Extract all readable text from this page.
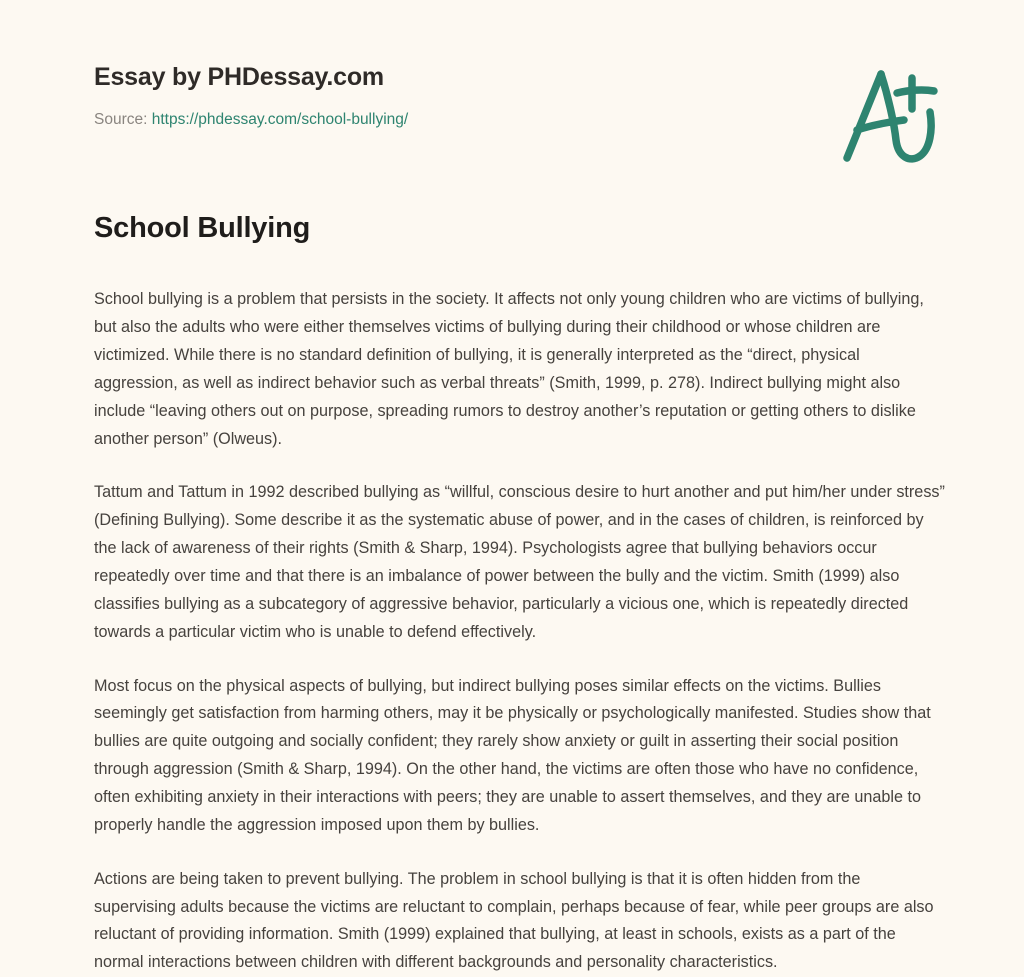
Essay by PHDessay.com
Source: https://phdessay.com/school-bullying/
School Bullying

School bullying is a problem that persists in the society. It affects not only young children who are victims of bullying, but also the adults who were either themselves victims of bullying during their childhood or whose children are victimized. While there is no standard definition of bullying, it is generally interpreted as the “direct, physical aggression, as well as indirect behavior such as verbal threats” (Smith, 1999, p. 278). Indirect bullying might also include “leaving others out on purpose, spreading rumors to destroy another’s reputation or getting others to dislike another person” (Olweus).

Tattum and Tattum in 1992 described bullying as “willful, conscious desire to hurt another and put him/her under stress” (Defining Bullying). Some describe it as the systematic abuse of power, and in the cases of children, is reinforced by the lack of awareness of their rights (Smith & Sharp, 1994). Psychologists agree that bullying behaviors occur repeatedly over time and that there is an imbalance of power between the bully and the victim. Smith (1999) also classifies bullying as a subcategory of aggressive behavior, particularly a vicious one, which is repeatedly directed towards a particular victim who is unable to defend effectively.

Most focus on the physical aspects of bullying, but indirect bullying poses similar effects on the victims. Bullies seemingly get satisfaction from harming others, may it be physically or psychologically manifested. Studies show that bullies are quite outgoing and socially confident; they rarely show anxiety or guilt in asserting their social position through aggression (Smith & Sharp, 1994). On the other hand, the victims are often those who have no confidence, often exhibiting anxiety in their interactions with peers; they are unable to assert themselves, and they are unable to properly handle the aggression imposed upon them by bullies.

Actions are being taken to prevent bullying. The problem in school bullying is that it is often hidden from the supervising adults because the victims are reluctant to complain, perhaps because of fear, while peer groups are also reluctant of providing information. Smith (1999) explained that bullying, at least in schools, exists as a part of the normal interactions between children with different backgrounds and personality characteristics.
